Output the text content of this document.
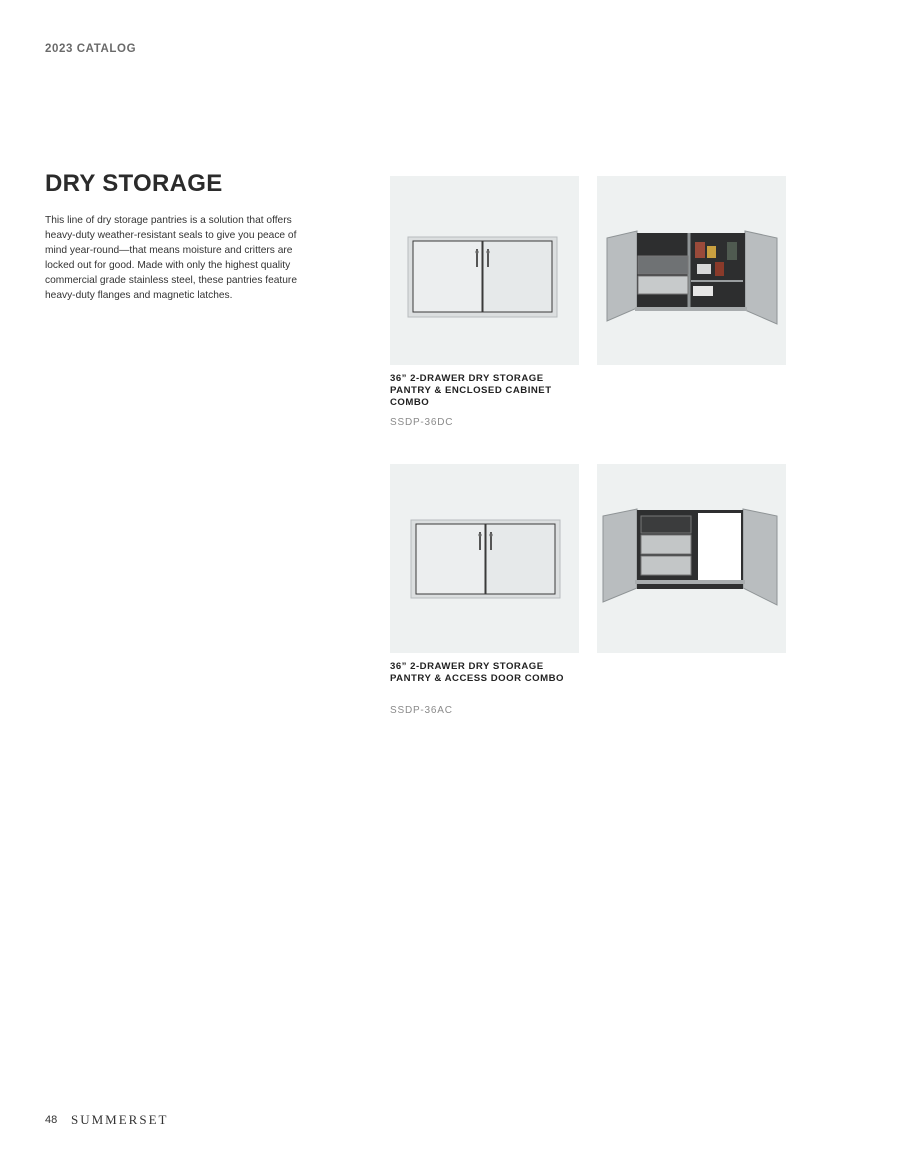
2023 CATALOG
DRY STORAGE

This line of dry storage pantries is a solution that offers heavy-duty weather-resistant seals to give you peace of mind year-round—that means moisture and critters are locked out for good. Made with only the highest quality commercial grade stainless steel, these pantries feature heavy-duty flanges and magnetic latches.

36” 2-DRAWER DRY STORAGE PANTRY & ENCLOSED CABINET COMBO

SSDP-36DC

36” 2-DRAWER DRY STORAGE PANTRY & ACCESS DOOR COMBO

SSDP-36AC
48 SUMMERSET
